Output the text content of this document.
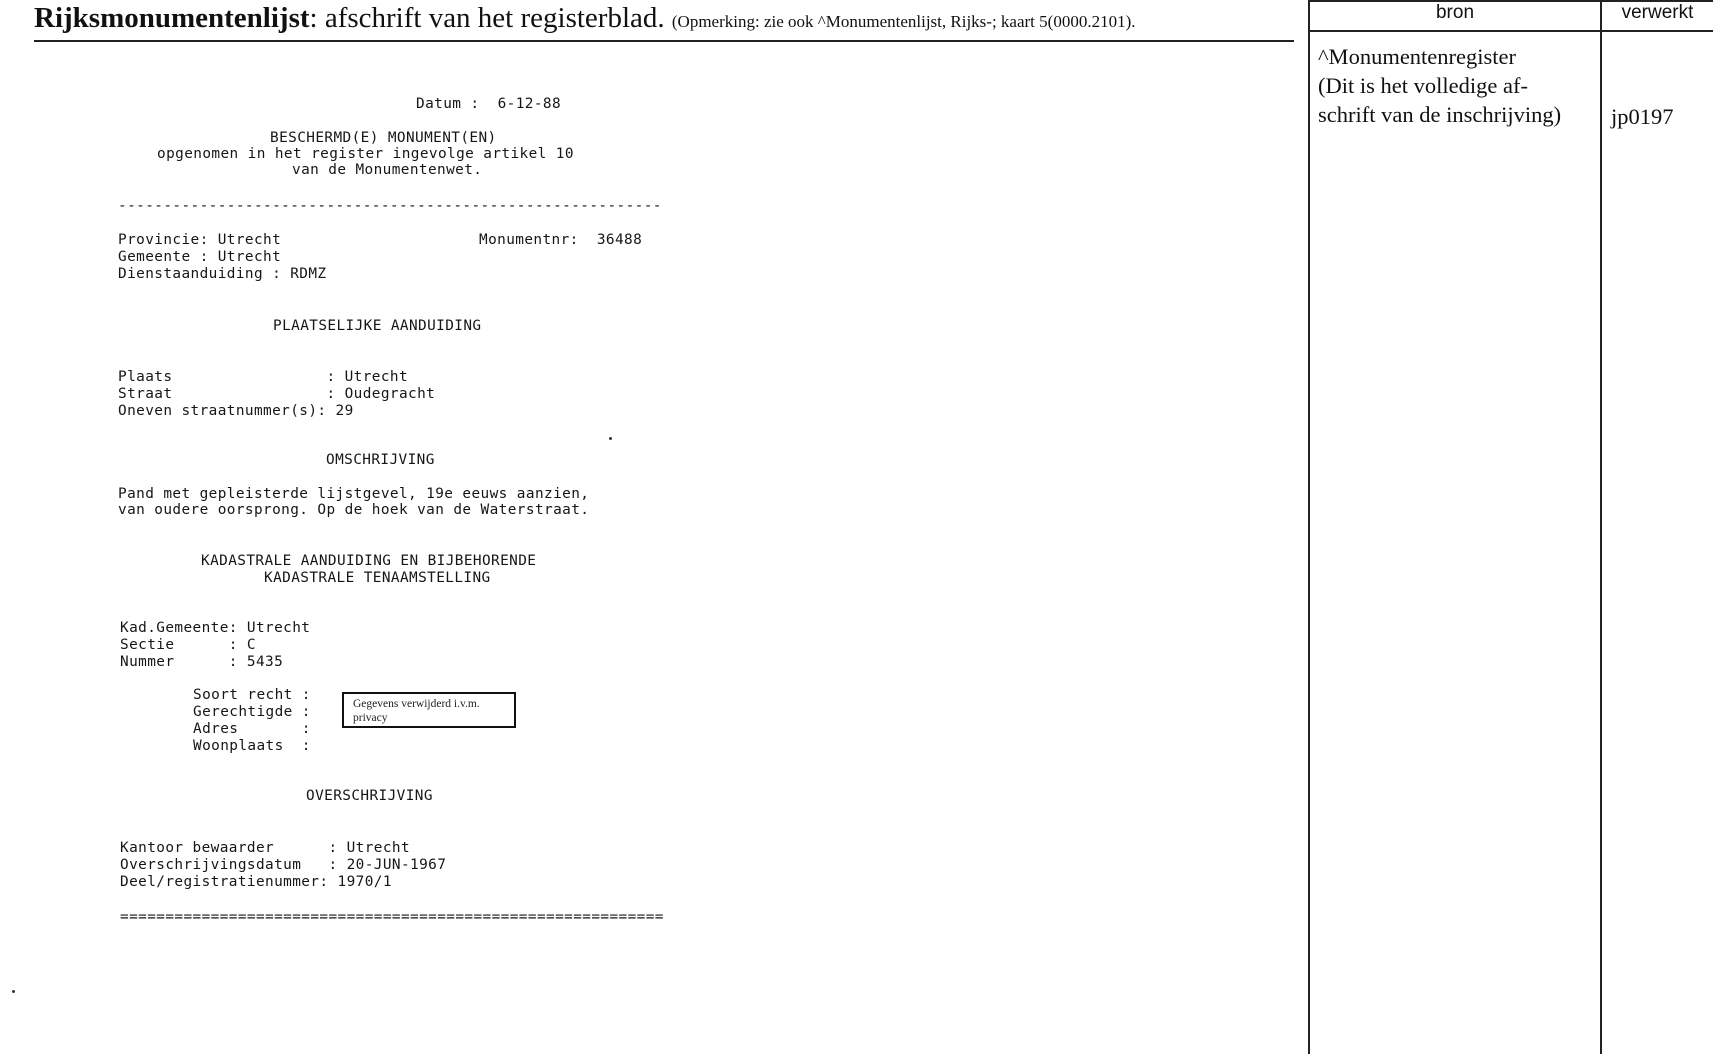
Rijksmonumentenlijst: afschrift van het registerblad. (Opmerking: zie ook ^Monumentenlijst, Rijks-; kaart 5(0000.2101).	bron	verwerkt
^Monumentenregister
(Dit is het volledige af-
schrift van de inschrijving) jp0197
Datum :  6-12-88
BESCHERMD(E) MONUMENT(EN)
opgenomen in het register ingevolge artikel 10
van de Monumentenwet.
------------------------------------------------------------
Provincie: Utrecht	Monumentnr:  36488
Gemeente : Utrecht
Dienstaanduiding : RDMZ
PLAATSELIJKE AANDUIDING
Plaats                 : Utrecht
Straat                 : Oudegracht
Oneven straatnummer(s): 29
OMSCHRIJVING
Pand met gepleisterde lijstgevel, 19e eeuws aanzien,
van oudere oorsprong. Op de hoek van de Waterstraat.
KADASTRALE AANDUIDING EN BIJBEHORENDE
KADASTRALE TENAAMSTELLING
Kad.Gemeente: Utrecht
Sectie      : C
Nummer      : 5435
Soort recht :
Gerechtigde :
Adres       :
Woonplaats  :
Gegevens verwijderd i.v.m. privacy
OVERSCHRIJVING
Kantoor bewaarder      : Utrecht
Overschrijvingsdatum   : 20-JUN-1967
Deel/registratienummer: 1970/1
============================================================
